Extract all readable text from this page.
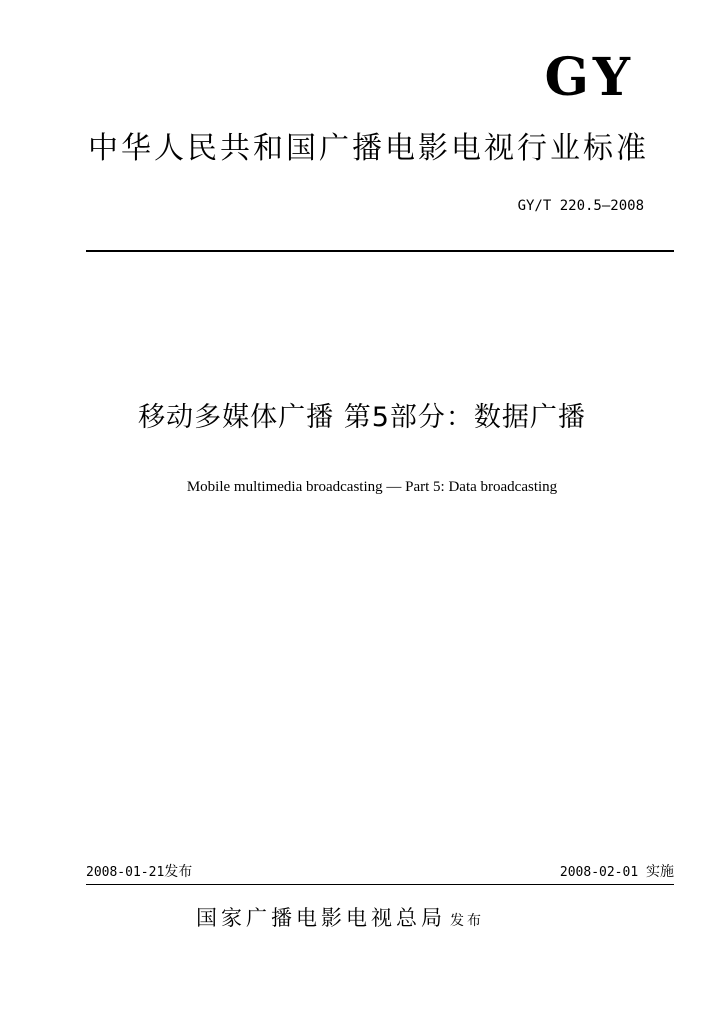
GY
中华人民共和国广播电影电视行业标准
GY/T 220.5—2008
移动多媒体广播 第5部分：数据广播
Mobile multimedia broadcasting — Part 5: Data broadcasting
2008-01-21发布	2008-02-01 实施
国家广播电影电视总局 发布
